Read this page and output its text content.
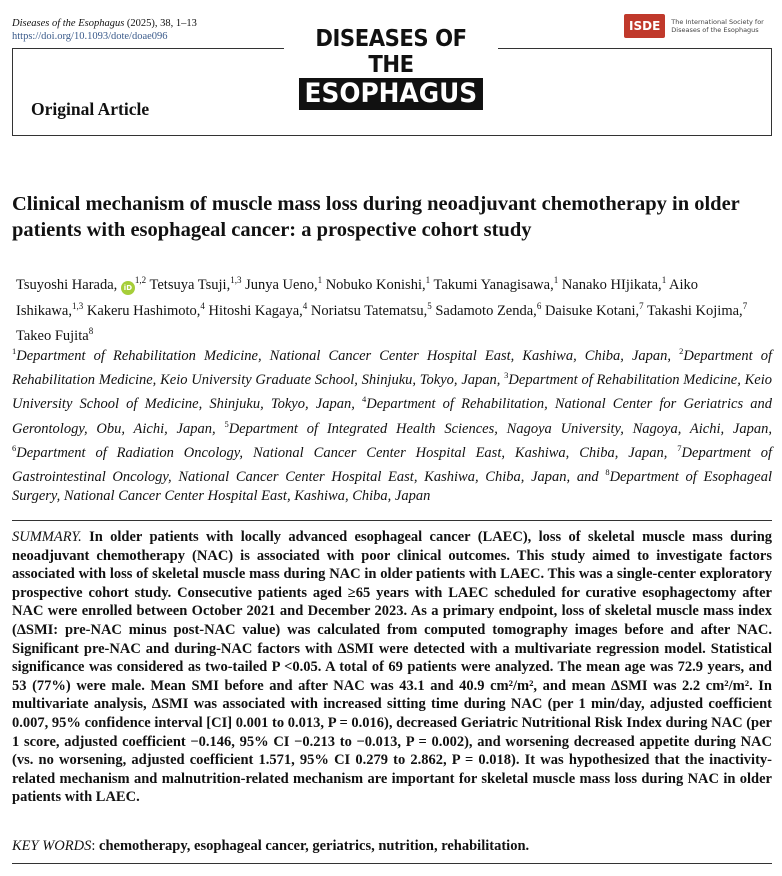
Diseases of the Esophagus (2025), 38, 1–13
https://doi.org/10.1093/dote/doae096	DISEASES OF THE
ESOPHAGUS
ISDE	The International Society for
Diseases of the Esophagus
Original Article
Clinical mechanism of muscle mass loss during neoadjuvant chemotherapy in older patients with esophageal cancer: a prospective cohort study
Tsuyoshi Harada, iD$^{1,2}$ Tetsuya Tsuji,$^{1,3}$ Junya Ueno,$^1$ Nobuko Konishi,$^1$ Takumi Yanagisawa,$^1$ Nanako HIjikata,$^1$ Aiko Ishikawa,$^{1,3}$ Kakeru Hashimoto,$^4$ Hitoshi Kagaya,$^4$ Noriatsu Tatematsu,$^5$ Sadamoto Zenda,$^6$ Daisuke Kotani,$^7$ Takashi Kojima,$^7$ Takeo Fujita$^8$
$^1$Department of Rehabilitation Medicine, National Cancer Center Hospital East, Kashiwa, Chiba, Japan, $^2$Department of Rehabilitation Medicine, Keio University Graduate School, Shinjuku, Tokyo, Japan, $^3$Department of Rehabilitation Medicine, Keio University School of Medicine, Shinjuku, Tokyo, Japan, $^4$Department of Rehabilitation, National Center for Geriatrics and Gerontology, Obu, Aichi, Japan, $^5$Department of Integrated Health Sciences, Nagoya University, Nagoya, Aichi, Japan, $^6$Department of Radiation Oncology, National Cancer Center Hospital East, Kashiwa, Chiba, Japan, $^7$Department of Gastrointestinal Oncology, National Cancer Center Hospital East, Kashiwa, Chiba, Japan, and $^8$Department of Esophageal Surgery, National Cancer Center Hospital East, Kashiwa, Chiba, Japan
SUMMARY. In older patients with locally advanced esophageal cancer (LAEC), loss of skeletal muscle mass during neoadjuvant chemotherapy (NAC) is associated with poor clinical outcomes. This study aimed to investigate factors associated with loss of skeletal muscle mass during NAC in older patients with LAEC. This was a single-center exploratory prospective cohort study. Consecutive patients aged ≥65 years with LAEC scheduled for curative esophagectomy after NAC were enrolled between October 2021 and December 2023. As a primary endpoint, loss of skeletal muscle mass index (ΔSMI: pre-NAC minus post-NAC value) was calculated from computed tomography images before and after NAC. Significant pre-NAC and during-NAC factors with ΔSMI were detected with a multivariate regression model. Statistical significance was considered as two-tailed P <0.05. A total of 69 patients were analyzed. The mean age was 72.9 years, and 53 (77%) were male. Mean SMI before and after NAC was 43.1 and 40.9 cm²/m², and mean ΔSMI was 2.2 cm²/m². In multivariate analysis, ΔSMI was associated with increased sitting time during NAC (per 1 min/day, adjusted coefficient 0.007, 95% confidence interval [CI] 0.001 to 0.013, P = 0.016), decreased Geriatric Nutritional Risk Index during NAC (per 1 score, adjusted coefficient −0.146, 95% CI −0.213 to −0.013, P = 0.002), and worsening decreased appetite during NAC (vs. no worsening, adjusted coefficient 1.571, 95% CI 0.279 to 2.862, P = 0.018). It was hypothesized that the inactivity-related mechanism and malnutrition-related mechanism are important for skeletal muscle mass loss during NAC in older patients with LAEC.
KEY WORDS: chemotherapy, esophageal cancer, geriatrics, nutrition, rehabilitation.
